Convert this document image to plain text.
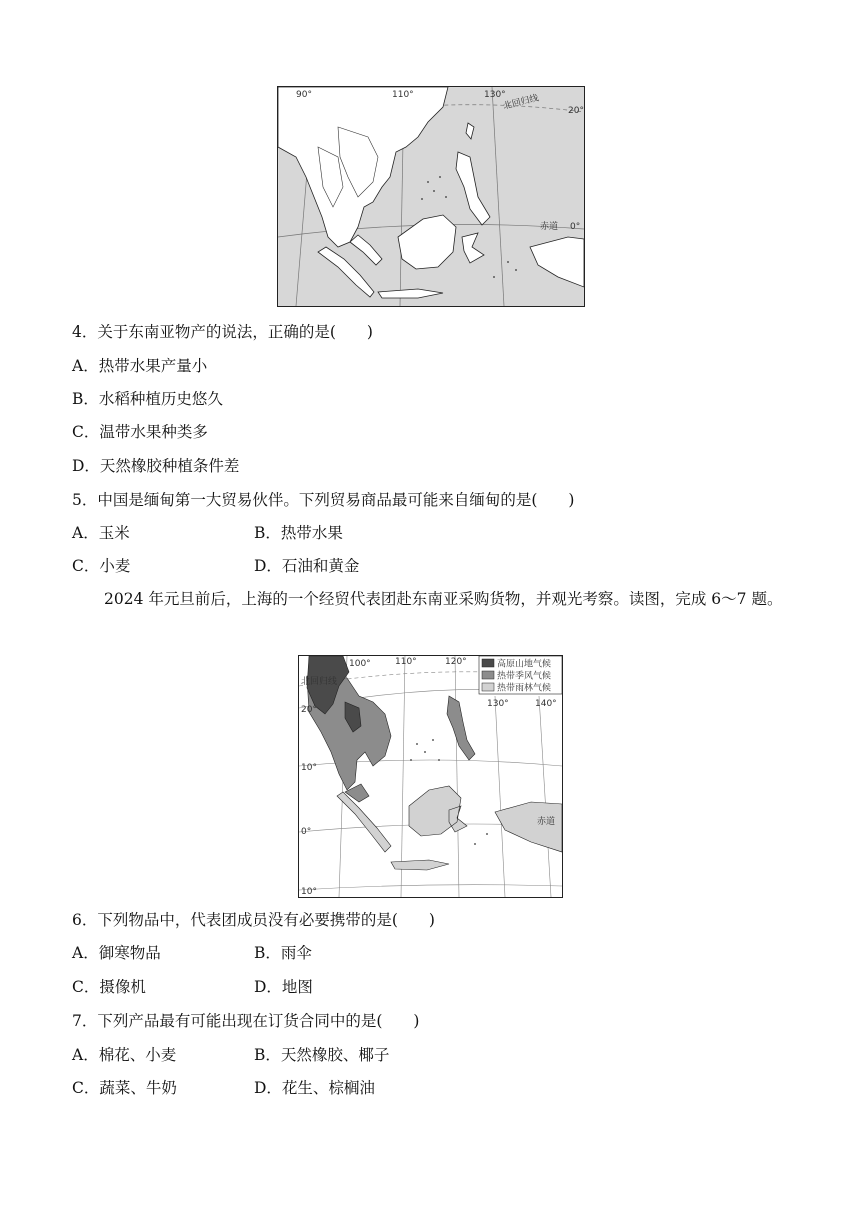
90°	110°	130°
北回归线	20°
赤道 0°
4．关于东南亚物产的说法，正确的是(　　)
A．热带水果产量小
B．水稻种植历史悠久
C．温带水果种类多
D．天然橡胶种植条件差
5．中国是缅甸第一大贸易伙伴。下列贸易商品最可能来自缅甸的是(　　)
A．玉米	B．热带水果
C．小麦	D．石油和黄金
2024 年元旦前后，上海的一个经贸代表团赴东南亚采购货物，并观光考察。读图，完成 6～7 题。
高原山地气候
热带季风气候
热带雨林气候
100°	110°	120°
130°	140°
北回归线
20°
10°
0°
10°
赤道
6．下列物品中，代表团成员没有必要携带的是(　　)
A．御寒物品	B．雨伞
C．摄像机	D．地图
7．下列产品最有可能出现在订货合同中的是(　　)
A．棉花、小麦	B．天然橡胶、椰子
C．蔬菜、牛奶	D．花生、棕榈油
